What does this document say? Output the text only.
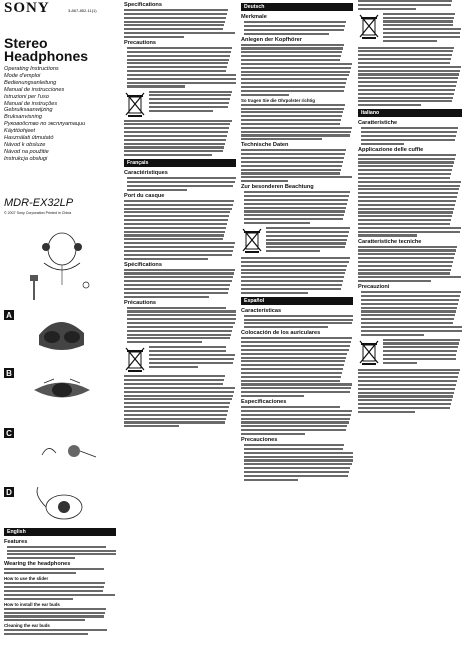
SONY	3-867-852-11(1)
Stereo
Headphones
Operating Instructions
Mode d'emploi
Bedienungsanleitung
Manual de instrucciones
Istruzioni per l'uso
Manual de instruções
Gebruiksaanwijzing
Bruksanvisning
Руководство по эксплуатации
Käyttöohjeet
Használati útmutató
Návod k obsluze
Návod na použitie
Instrukcja obsługi
MDR-EX32LP
© 2007 Sony Corporation Printed in China
A
B
C
D
English
Features
Wearing the headphones
How to use the slider
How to install the ear buds
Cleaning the ear buds
Specifications
Precautions
Français
Caractéristiques
Port du casque
Spécifications
Précautions
Deutsch
Merkmale
Anlegen der Kopfhörer
So tragen Sie die Ohrpolster richtig
Technische Daten
Zur besonderen Beachtung
Español
Características
Colocación de los auriculares
Especificaciones
Precauciones
Italiano
Caratteristiche
Applicazione delle cuffie
Caratteristiche tecniche
Precauzioni
